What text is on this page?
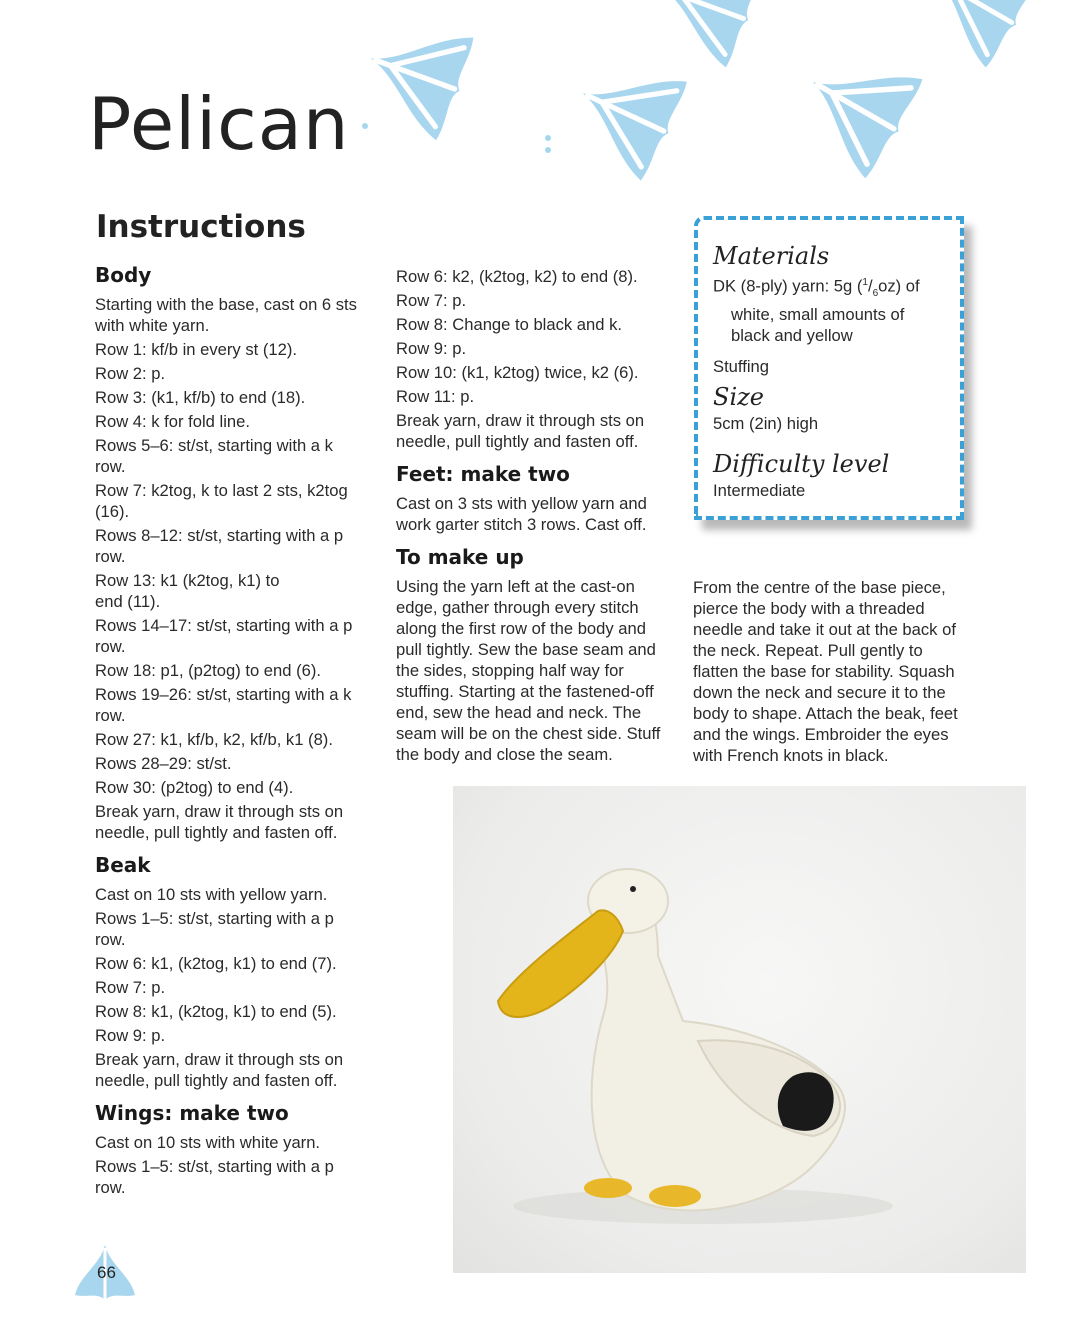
Pelican
Instructions
Body

Starting with the base, cast on 6 sts with white yarn.

Row 1: kf/b in every st (12).

Row 2: p.

Row 3: (k1, kf/b) to end (18).

Row 4: k for fold line.

Rows 5–6: st/st, starting with a k row.

Row 7: k2tog, k to last 2 sts, k2tog (16).

Rows 8–12: st/st, starting with a p row.

Row 13: k1 (k2tog, k1) to end (11).

Rows 14–17: st/st, starting with a p row.

Row 18: p1, (p2tog) to end (6).

Rows 19–26: st/st, starting with a k row.

Row 27: k1, kf/b, k2, kf/b, k1 (8).

Rows 28–29: st/st.

Row 30: (p2tog) to end (4).

Break yarn, draw it through sts on needle, pull tightly and fasten off.

Beak

Cast on 10 sts with yellow yarn.

Rows 1–5: st/st, starting with a p row.

Row 6: k1, (k2tog, k1) to end (7).

Row 7: p.

Row 8: k1, (k2tog, k1) to end (5).

Row 9: p.

Break yarn, draw it through sts on needle, pull tightly and fasten off.

Wings: make two

Cast on 10 sts with white yarn.

Rows 1–5: st/st, starting with a p row.

Row 6: k2, (k2tog, k2) to end (8).

Row 7: p.

Row 8: Change to black and k.

Row 9: p.

Row 10: (k1, k2tog) twice, k2 (6).

Row 11: p.

Break yarn, draw it through sts on needle, pull tightly and fasten off.

Feet: make two

Cast on 3 sts with yellow yarn and work garter stitch 3 rows. Cast off.

To make up

Using the yarn left at the cast-on edge, gather through every stitch along the first row of the body and pull tightly. Sew the base seam and the sides, stopping half way for stuffing. Starting at the fastened-off end, sew the head and neck. The seam will be on the chest side. Stuff the body and close the seam.

Materials

DK (8-ply) yarn: 5g $(^1/_6oz)$ of white, small amounts of black and yellow

Stuffing

Size

5cm (2in) high

Difficulty level

Intermediate

From the centre of the base piece, pierce the body with a threaded needle and take it out at the back of the neck. Repeat. Pull gently to flatten the base for stability. Squash down the neck and secure it to the body to shape. Attach the beak, feet and the wings. Embroider the eyes with French knots in black.

66
